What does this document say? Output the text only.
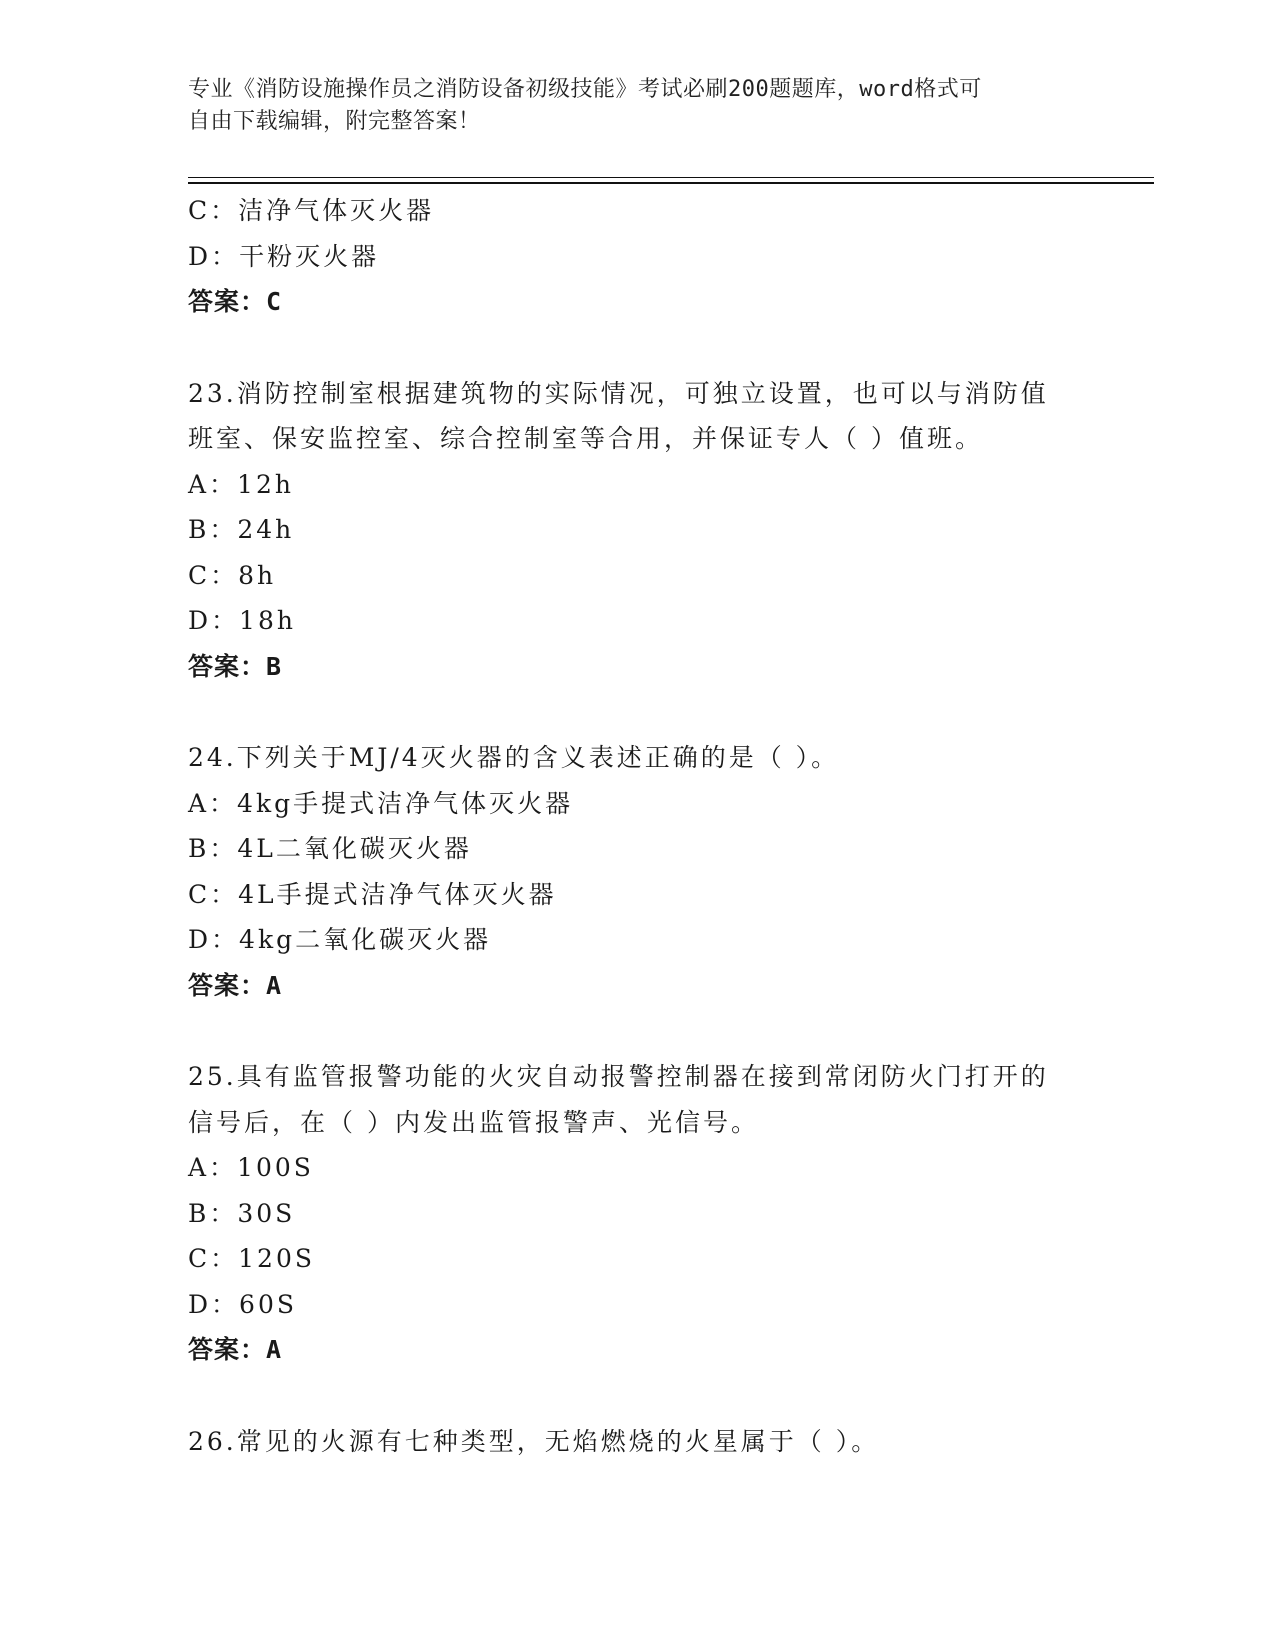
专业《消防设施操作员之消防设备初级技能》考试必刷200题题库，word格式可
自由下载编辑，附完整答案！
C：洁净气体灭火器
D：干粉灭火器
答案：C
23.消防控制室根据建筑物的实际情况，可独立设置，也可以与消防值
班室、保安监控室、综合控制室等合用，并保证专人（ ）值班。
A：12h
B：24h
C：8h
D：18h
答案：B
24.下列关于MJ/4灭火器的含义表述正确的是（ ）。
A：4kg手提式洁净气体灭火器
B：4L二氧化碳灭火器
C：4L手提式洁净气体灭火器
D：4kg二氧化碳灭火器
答案：A
25.具有监管报警功能的火灾自动报警控制器在接到常闭防火门打开的
信号后，在（ ）内发出监管报警声、光信号。
A：100S
B：30S
C：120S
D：60S
答案：A
26.常见的火源有七种类型，无焰燃烧的火星属于（ ）。
